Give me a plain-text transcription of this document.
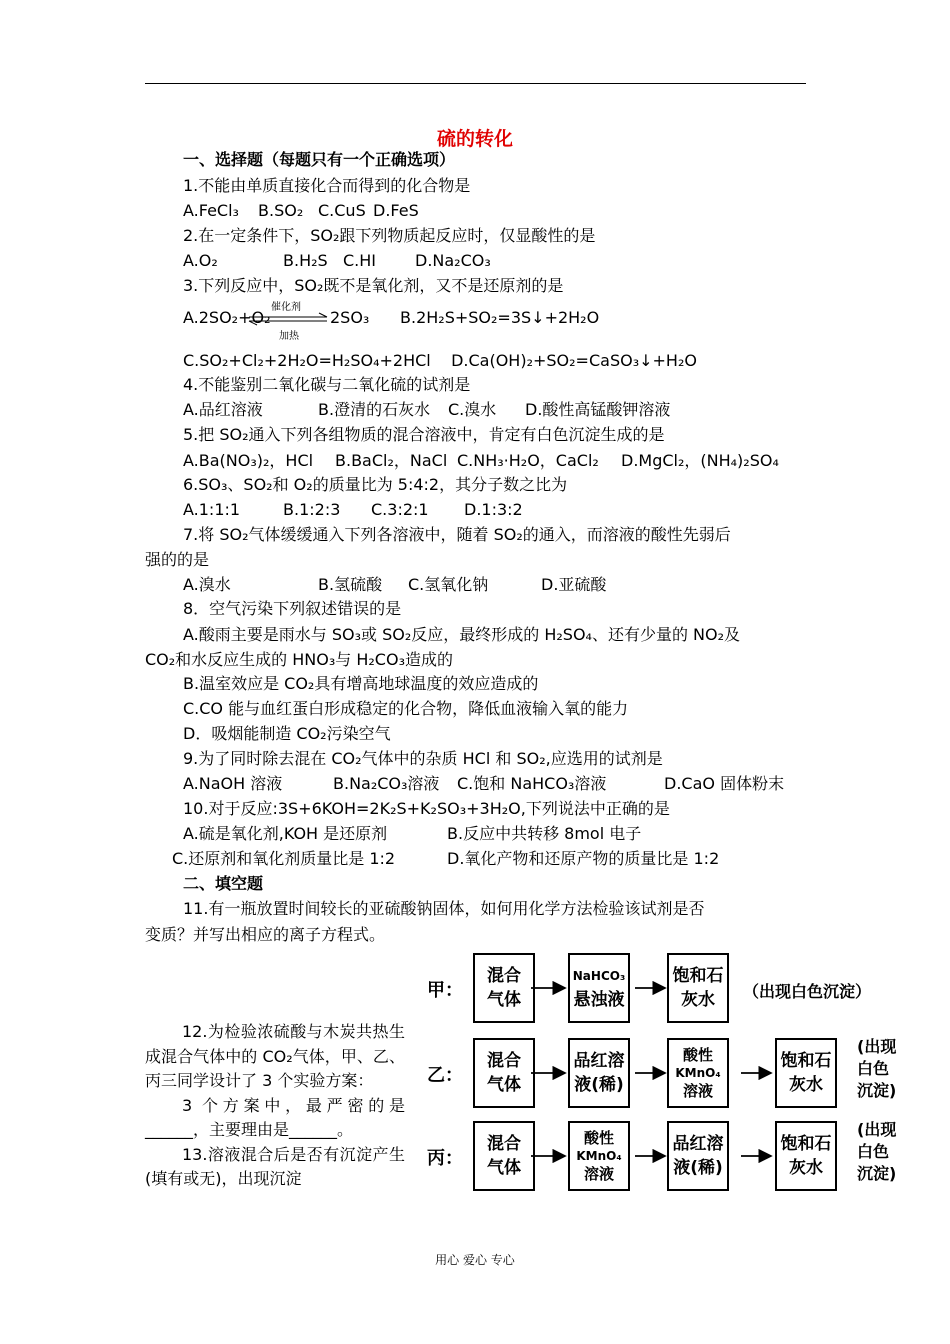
硫的转化
一、选择题（每题只有一个正确选项）
1.不能由单质直接化合而得到的化合物是
A.FeCl₃ B.SO₂ C.CuS D.FeS
2.在一定条件下，SO₂跟下列物质起反应时，仅显酸性的是
A.O₂	B.H₂S C.HI D.Na₂CO₃
3.下列反应中，SO₂既不是氧化剂，又不是还原剂的是
A.2SO₂+O₂
催化剂
加热
2SO₃ B.2H₂S+SO₂=3S↓+2H₂O
C.SO₂+Cl₂+2H₂O=H₂SO₄+2HCl    D.Ca(OH)₂+SO₂=CaSO₃↓+H₂O
4.不能鉴别二氧化碳与二氧化硫的试剂是
A.品红溶液	B.澄清的石灰水 C.溴水 D.酸性高锰酸钾溶液
5.把 SO₂通入下列各组物质的混合溶液中，肯定有白色沉淀生成的是
A.Ba(NO₃)₂，HCl B.BaCl₂，NaCl C.NH₃·H₂O，CaCl₂ D.MgCl₂，(NH₄)₂SO₄
6.SO₃、SO₂和 O₂的质量比为 5:4:2，其分子数之比为
A.1:1:1	B.1:2:3 C.3:2:1 D.1:3:2
7.将 SO₂气体缓缓通入下列各溶液中，随着 SO₂的通入，而溶液的酸性先弱后
强的的是
A.溴水	B.氢硫酸 C.氢氧化钠	D.亚硫酸
8．空气污染下列叙述错误的是
A.酸雨主要是雨水与 SO₃或 SO₂反应，最终形成的 H₂SO₄、还有少量的 NO₂及
CO₂和水反应生成的 HNO₃与 H₂CO₃造成的
B.温室效应是 CO₂具有增高地球温度的效应造成的
C.CO 能与血红蛋白形成稳定的化合物，降低血液输入氧的能力
D．吸烟能制造 CO₂污染空气
9.为了同时除去混在 CO₂气体中的杂质 HCl 和 SO₂,应选用的试剂是
A.NaOH 溶液	B.Na₂CO₃溶液 C.饱和 NaHCO₃溶液	D.CaO 固体粉末
10.对于反应:3S+6KOH=2K₂S+K₂SO₃+3H₂O,下列说法中正确的是
A.硫是氧化剂,KOH 是还原剂	B.反应中共转移 8mol 电子
C.还原剂和氧化剂质量比是 1:2	D.氧化产物和还原产物的质量比是 1:2
二、填空题
11.有一瓶放置时间较长的亚硫酸钠固体，如何用化学方法检验该试剂是否
变质？并写出相应的离子方程式。

12.为检验浓硫酸与木炭共热生成混合气体中的 CO₂气体，甲、乙、丙三同学设计了 3 个实验方案：

3 个方案中，最严密的是______，主要理由是______。

13.溶液混合后是否有沉淀产生(填有或无)，出现沉淀

甲：
混合
气体
NaHCO₃
悬浊液
饱和石
灰水 （出现白色沉淀）
乙：
混合
气体
品红溶
液(稀)
酸性
KMnO₄
溶液
饱和石
灰水
(出现
白色
沉淀)
丙：
混合
气体
酸性
KMnO₄
溶液
品红溶
液(稀)
饱和石
灰水
(出现
白色
沉淀)
用心 爱心 专心
